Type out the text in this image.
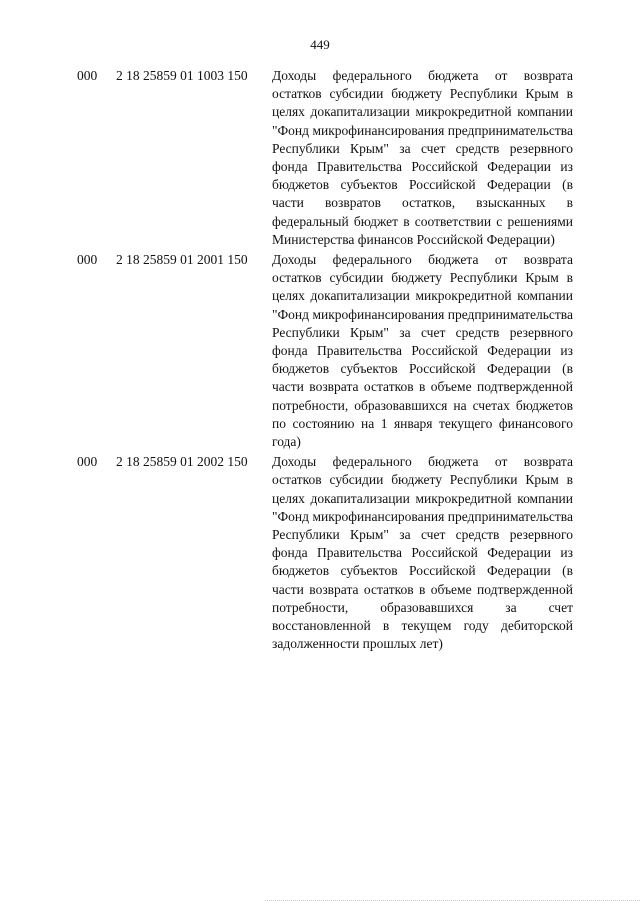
449
000 2 18 25859 01 1003 150 Доходы федерального бюджета от возврата остатков субсидии бюджету Республики Крым в целях докапитализации микрокредитной компании "Фонд микрофинансирования предпринимательства Республики Крым" за счет средств резервного фонда Правительства Российской Федерации из бюджетов субъектов Российской Федерации (в части возвратов остатков, взысканных в федеральный бюджет в соответствии с решениями Министерства финансов Российской Федерации)
000 2 18 25859 01 2001 150 Доходы федерального бюджета от возврата остатков субсидии бюджету Республики Крым в целях докапитализации микрокредитной компании "Фонд микрофинансирования предпринимательства Республики Крым" за счет средств резервного фонда Правительства Российской Федерации из бюджетов субъектов Российской Федерации (в части возврата остатков в объеме подтвержденной потребности, образовавшихся на счетах бюджетов по состоянию на 1 января текущего финансового года)
000 2 18 25859 01 2002 150 Доходы федерального бюджета от возврата остатков субсидии бюджету Республики Крым в целях докапитализации микрокредитной компании "Фонд микрофинансирования предпринимательства Республики Крым" за счет средств резервного фонда Правительства Российской Федерации из бюджетов субъектов Российской Федерации (в части возврата остатков в объеме подтвержденной потребности, образовавшихся за счет восстановленной в текущем году дебиторской задолженности прошлых лет)
